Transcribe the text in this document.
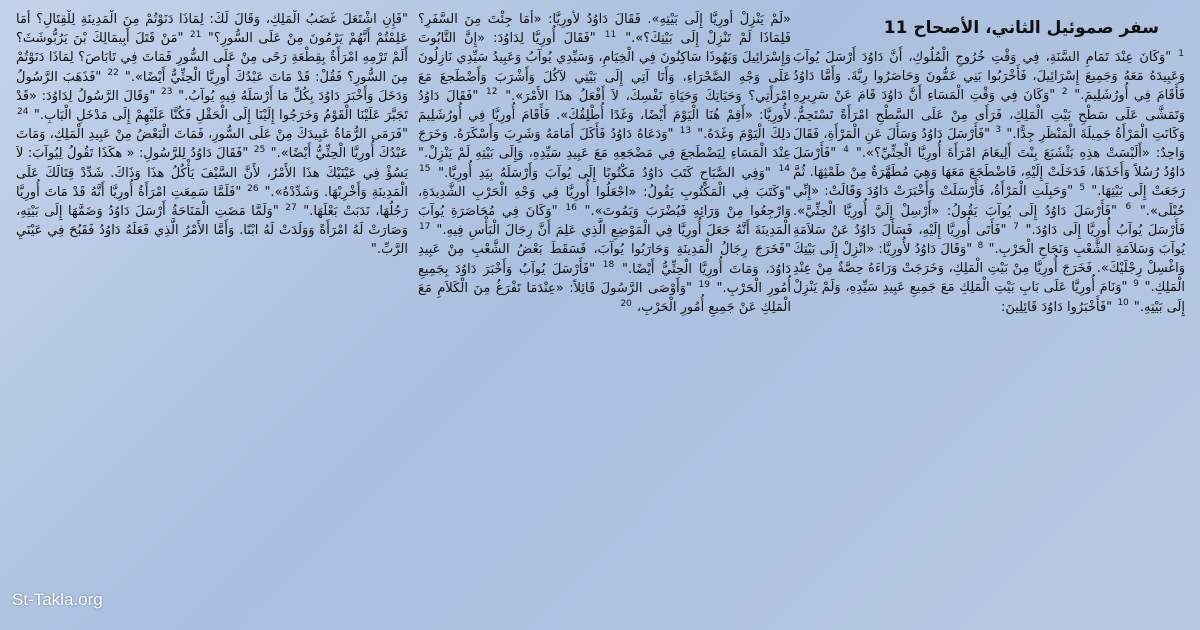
سفر صموئيل الثاني، الأصحاح 11
$^1$ "وَكَانَ عِنْدَ تَمَامِ السَّنَةِ، فِي وَقْتِ خُرُوجِ الْمُلُوكِ، أَنَّ دَاوُدَ أَرْسَلَ يُوآبَ وَعَبِيدَهُ مَعَهُ وَجَمِيعَ إِسْرَائِيلَ، فَأَخْرَبُوا بَنِي عَمُّونَ وَحَاصَرُوا رِبَّةَ. وَأَمَّا دَاوُدُ فَأَقَامَ فِي أُورُشَلِيمَ." $^2$ "وَكَانَ فِي وَقْتِ الْمَسَاءِ أَنَّ دَاوُدَ قَامَ عَنْ سَرِيرِهِ وَتَمَشَّى عَلَى سَطْحِ بَيْتِ الْمَلِكِ، فَرَأَى مِنْ عَلَى السَّطْحِ امْرَأَةً تَسْتَحِمُّ. وَكَانَتِ الْمَرْأَةُ جَمِيلَةَ الْمَنْظَرِ جِدًّا." $^3$ "فَأَرْسَلَ دَاوُدُ وَسَأَلَ عَنِ الْمَرْأَةِ، فَقَالَ وَاحِدٌ: «أَلَيْسَتْ هذِهِ بَثْشَبَعَ بِنْتَ أَلِيعَامَ امْرَأَةَ أُورِيَّا الْحِثِّيِّ؟»." $^4$ "فَأَرْسَلَ دَاوُدُ رُسُلاً وَأَخَذَهَا، فَدَخَلَتْ إِلَيْهِ، فَاضْطَجَعَ مَعَهَا وَهِيَ مُطَهَّرَةٌ مِنْ طَمْثِهَا. ثُمَّ رَجَعَتْ إِلَى بَيْتِهَا." $^5$ "وَحَبِلَتِ الْمَرْأَةُ، فَأَرْسَلَتْ وَأَخْبَرَتْ دَاوُدَ وَقَالَتْ: «إِنِّي حُبْلَى»." $^6$ "فَأَرْسَلَ دَاوُدُ إِلَى يُوآبَ يَقُولُ: «أَرْسِلْ إِلَيَّ أُورِيَّا الْحِثِّيَّ». فَأَرْسَلَ يُوآبُ أُورِيَّا إِلَى دَاوُدَ." $^7$ "فَأَتَى أُورِيَّا إِلَيْهِ، فَسَأَلَ دَاوُدُ عَنْ سَلاَمَةِ يُوآبَ وَسَلاَمَةِ الشَّعْبِ وَنَجَاحِ الْحَرْبِ." $^8$ "وَقَالَ دَاوُدُ لأُورِيَّا: «انْزِلْ إِلَى بَيْتِكَ وَاغْسِلْ رِجْلَيْكَ». فَخَرَجَ أُورِيَّا مِنْ بَيْتِ الْمَلِكِ، وَخَرَجَتْ وَرَاءَهُ حِصَّةٌ مِنْ عِنْدِ الْمَلِكِ." $^9$ "وَنَامَ أُورِيَّا عَلَى بَابِ بَيْتِ الْمَلِكِ مَعَ جَمِيعِ عَبِيدِ سَيِّدِهِ، وَلَمْ يَنْزِلْ إِلَى بَيْتِهِ." $^{10}$ "فَأَخْبَرُوا دَاوُدَ قَائِلِينَ:
«لَمْ يَنْزِلْ أُورِيَّا إِلَى بَيْتِهِ». فَقَالَ دَاوُدُ لأُورِيَّا: «أَمَا جِئْتَ مِنَ السَّفَرِ؟ فَلِمَاذَا لَمْ تَنْزِلْ إِلَى بَيْتِكَ؟»." $^{11}$ "فَقَالَ أُورِيَّا لِدَاوُدَ: «إِنَّ التَّابُوتَ وَإِسْرَائِيلَ وَيَهُوذَا سَاكِنُونَ فِي الْخِيَامِ، وَسَيِّدِي يُوآبُ وَعَبِيدُ سَيِّدِي نَازِلُونَ عَلَى وَجْهِ الصَّحْرَاءِ، وَأَنَا آتِي إِلَى بَيْتِي لآكُلَ وَأَشْرَبَ وَأَضْطَجعَ مَعَ امْرَأَتِي؟ وَحَيَاتِكَ وَحَيَاةِ نَفْسِكَ، لاَ أَفْعَلُ هذَا الأَمْرَ»." $^{12}$ "فَقَالَ دَاوُدُ لأُورِيَّا: «أَقِمْ هُنَا الْيَوْمَ أَيْضًا، وَغَدًا أُطْلِقُكَ». فَأَقَامَ أُورِيَّا فِي أُورُشَلِيمَ ذلِكَ الْيَوْمَ وَغَدَهُ." $^{13}$ "وَدَعَاهُ دَاوُدُ فَأَكَلَ أَمَامَهُ وَشَرِبَ وَأَسْكَرَهُ. وَخَرَجَ عِنْدَ الْمَسَاءِ لِيَضْطَجعَ فِي مَضْجَعِهِ مَعَ عَبِيدِ سَيِّدِهِ، وَإِلَى بَيْتِهِ لَمْ يَنْزِلْ." $^{14}$ "وَفِي الصَّبَاحِ كَتَبَ دَاوُدُ مَكْتُوبًا إِلَى يُوآبَ وَأَرْسَلَهُ بِيَدِ أُورِيَّا." $^{15}$ "وَكَتَبَ فِي الْمَكْتُوبِ يَقُولُ: «اجْعَلُوا أُورِيَّا فِي وَجْهِ الْحَرْبِ الشَّدِيدَةِ، وَارْجِعُوا مِنْ وَرَائِهِ فَيُضْرَبَ وَيَمُوتَ»." $^{16}$ "وَكَانَ فِي مُحَاصَرَةِ يُوآبَ الْمَدِينَةَ أَنَّهُ جَعَلَ أُورِيَّا فِي الْمَوْضِعِ الَّذِي عَلِمَ أَنَّ رِجَالَ الْبَأْسِ فِيهِ." $^{17}$ "فَخَرَجَ رِجَالُ الْمَدِينَةِ وَحَارَبُوا يُوآبَ، فَسَقَطَ بَعْضُ الشَّعْبِ مِنْ عَبِيدِ دَاوُدَ، وَمَاتَ أُورِيَّا الْحِثِّيُّ أَيْضًا." $^{18}$ "فَأَرْسَلَ يُوآبُ وَأَخْبَرَ دَاوُدَ بِجَمِيعِ أُمُورِ الْحَرْبِ." $^{19}$ "وَأَوْصَى الرَّسُولَ قَائِلاً: «عِنْدَمَا تَفْرَغُ مِنَ الْكَلاَمِ مَعَ الْمَلِكِ عَنْ جَمِيعِ أُمُورِ الْحَرْبِ، $^{20}$
"فَإِنِ اشْتَعَلَ غَضَبُ الْمَلِكِ، وَقَالَ لَكَ: لِمَاذَا دَنَوْتُمْ مِنَ الْمَدِينَةِ لِلْقِتَالِ؟ أَمَا عَلِمْتُمْ أَنَّهُمْ يَرْمُونَ مِنْ عَلَى السُّورِ؟" $^{21}$ "مَنْ قَتَلَ أَبِيمَالِكَ بْنَ يَرُبُّوشَثَ؟ أَلَمْ تَرْمِهِ امْرَأَةٌ بِقِطْعَةِ رَحًى مِنْ عَلَى السُّورِ فَمَاتَ فِي تَابَاصَ؟ لِمَاذَا دَنَوْتُمْ مِنَ السُّورِ؟ فَقُلْ: قَدْ مَاتَ عَبْدُكَ أُورِيَّا الْحِثِّيُّ أَيْضًا»." $^{22}$ "فَذَهَبَ الرَّسُولُ وَدَخَلَ وَأَخْبَرَ دَاوُدَ بِكُلِّ مَا أَرْسَلَهُ فِيهِ يُوآبُ." $^{23}$ "وَقَالَ الرَّسُولُ لِدَاوُدَ: «قَدْ تَجَبَّرَ عَلَيْنَا الْقَوْمُ وَخَرَجُوا إِلَيْنَا إِلَى الْحَقْلِ فَكُنَّا عَلَيْهِمْ إِلَى مَدْخَلِ الْبَابِ." $^{24}$ "فَرَمَى الرُّمَاةُ عَبِيدَكَ مِنْ عَلَى السُّورِ، فَمَاتَ الْبَعْضُ مِنْ عَبِيدِ الْمَلِكِ، وَمَاتَ عَبْدُكَ أُورِيَّا الْحِثِّيُّ أَيْضًا»." $^{25}$ "فَقَالَ دَاوُدُ لِلرَّسُولِ: « هكَذَا تَقُولُ لِيُوآبَ: لاَ يَسُؤْ فِي عَيْنَيْكَ هذَا الأَمْرُ، لأَنَّ السَّيْفَ يَأْكُلُ هذَا وَذَاكَ. شَدِّدْ قِتَالَكَ عَلَى الْمَدِينَةِ وَأَخْرِبْهَا. وَشَدِّدْهُ»." $^{26}$ "فَلَمَّا سَمِعَتِ امْرَأَةُ أُورِيَّا أَنَّهُ قَدْ مَاتَ أُورِيَّا رَجُلُهَا، نَدَبَتْ بَعْلَهَا." $^{27}$ "وَلَمَّا مَضَتِ الْمَنَاحَةُ أَرْسَلَ دَاوُدُ وَضَمَّهَا إِلَى بَيْتِهِ، وَصَارَتْ لَهُ امْرَأَةً وَوَلَدَتْ لَهُ ابْنًا. وَأَمَّا الأَمْرُ الَّذِي فَعَلَهُ دَاوُدُ فَقَبُحَ فِي عَيْنَيِ الرَّبِّ."
St-Takla.org
